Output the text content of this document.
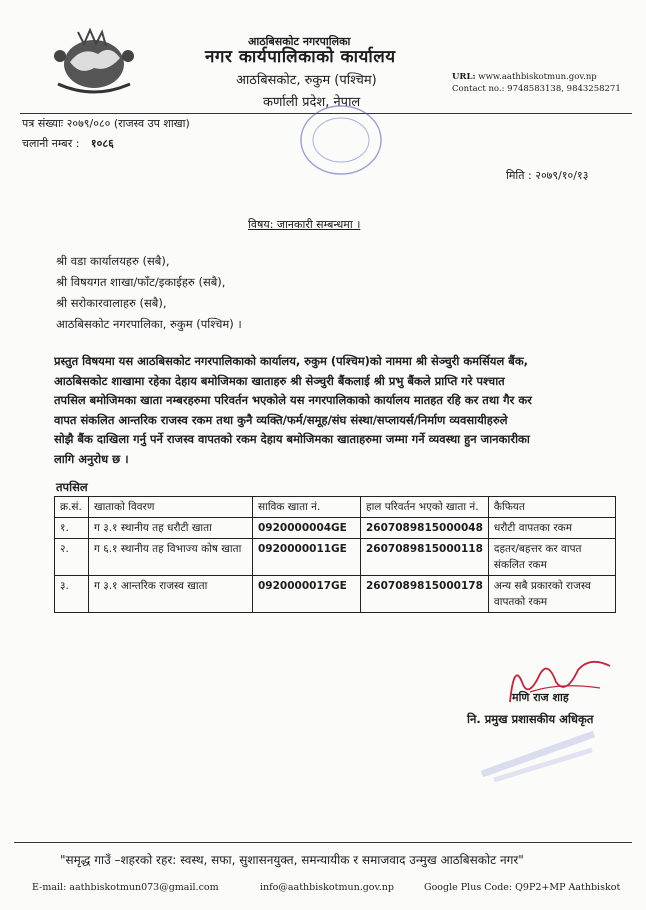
आठबिसकोट नगरपालिका
नगर कार्यपालिकाको कार्यालय
आठबिसकोट, रुकुम (पश्चिम)
कर्णाली प्रदेश, नेपाल
URL: www.aathbiskotmun.gov.np
Contact no.: 9748583138, 9843258271
पत्र संख्याः २०७९/०८० (राजस्व उप शाखा)
चलानी नम्बर : १०८६
मिति : २०७९/१०/१३
विषय: जानकारी सम्बन्धमा ।
श्री वडा कार्यालयहरु (सबै),
श्री विषयगत शाखा/फाँट/इकाईहरु (सबै),
श्री सरोकारवालाहरु (सबै),
आठबिसकोट नगरपालिका, रुकुम (पश्चिम) ।
प्रस्तुत विषयमा यस आठबिसकोट नगरपालिकाको कार्यालय, रुकुम (पश्चिम)को नाममा श्री सेञ्चुरी कमर्सियल बैंक,
आठबिसकोट शाखामा रहेका देहाय बमोजिमका खाताहरु श्री सेञ्चुरी बैंकलाई श्री प्रभु बैंकले प्राप्ति गरे पश्चात
तपसिल बमोजिमका खाता नम्बरहरुमा परिवर्तन भएकोले यस नगरपालिकाको कार्यालय मातहत रहि कर तथा गैर कर
वापत संकलित आन्तरिक राजस्व रकम तथा कुनै व्यक्ति/फर्म/समूह/संघ संस्था/सप्लायर्स/निर्माण व्यवसायीहरुले
सोझै बैंक दाखिला गर्नु पर्ने राजस्व वापतको रकम देहाय बमोजिमका खाताहरुमा जम्मा गर्ने व्यवस्था हुन जानकारीका
लागि अनुरोध छ ।
तपसिल
क्र.सं.	खाताको विवरण	साविक खाता नं.	हाल परिवर्तन भएको खाता नं.	कैफियत
१.	ग ३.१ स्थानीय तह धरौटी खाता	0920000004GE	2607089815000048	धरौटी वापतका रकम
२.	ग ६.१ स्थानीय तह विभाज्य कोष खाता	0920000011GE	2607089815000118	दहतर/बहत्तर कर वापत संकलित रकम
३.	ग ३.१ आन्तरिक राजस्व खाता	0920000017GE	2607089815000178	अन्य सबै प्रकारको राजस्व वापतको रकम
मणि राज शाह
नि. प्रमुख प्रशासकीय अधिकृत
"समृद्ध गाउँ –शहरको रहर: स्वस्थ, सफा, सुशासनयुक्त, समन्यायीक र समाजवाद उन्मुख आठबिसकोट नगर"
E-mail: aathbiskotmun073@gmail.com	info@aathbiskotmun.gov.np	Google Plus Code: Q9P2+MP Aathbiskot
